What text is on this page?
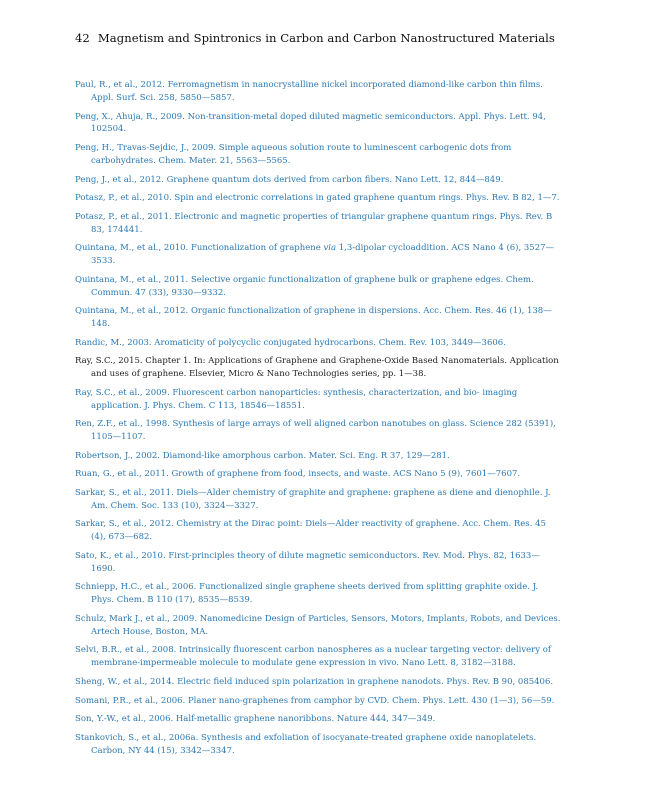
42 Magnetism and Spintronics in Carbon and Carbon Nanostructured Materials
Paul, R., et al., 2012. Ferromagnetism in nanocrystalline nickel incorporated diamond-like carbon thin films. Appl. Surf. Sci. 258, 5850—5857.
Peng, X., Ahuja, R., 2009. Non-transition-metal doped diluted magnetic semiconductors. Appl. Phys. Lett. 94, 102504.
Peng, H., Travas-Sejdic, J., 2009. Simple aqueous solution route to luminescent carbogenic dots from carbohydrates. Chem. Mater. 21, 5563—5565.
Peng, J., et al., 2012. Graphene quantum dots derived from carbon fibers. Nano Lett. 12, 844—849.
Potasz, P., et al., 2010. Spin and electronic correlations in gated graphene quantum rings. Phys. Rev. B 82, 1—7.
Potasz, P., et al., 2011. Electronic and magnetic properties of triangular graphene quantum rings. Phys. Rev. B 83, 174441.
Quintana, M., et al., 2010. Functionalization of graphene via 1,3-dipolar cycloaddition. ACS Nano 4 (6), 3527—3533.
Quintana, M., et al., 2011. Selective organic functionalization of graphene bulk or graphene edges. Chem. Commun. 47 (33), 9330—9332.
Quintana, M., et al., 2012. Organic functionalization of graphene in dispersions. Acc. Chem. Res. 46 (1), 138—148.
Randic, M., 2003. Aromaticity of polycyclic conjugated hydrocarbons. Chem. Rev. 103, 3449—3606.
Ray, S.C., 2015. Chapter 1. In: Applications of Graphene and Graphene-Oxide Based Nanomaterials. Application and uses of graphene. Elsevier, Micro & Nano Technologies series, pp. 1—38.
Ray, S.C., et al., 2009. Fluorescent carbon nanoparticles: synthesis, characterization, and bio- imaging application. J. Phys. Chem. C 113, 18546—18551.
Ren, Z.F., et al., 1998. Synthesis of large arrays of well aligned carbon nanotubes on glass. Science 282 (5391), 1105—1107.
Robertson, J., 2002. Diamond-like amorphous carbon. Mater. Sci. Eng. R 37, 129—281.
Ruan, G., et al., 2011. Growth of graphene from food, insects, and waste. ACS Nano 5 (9), 7601—7607.
Sarkar, S., et al., 2011. Diels—Alder chemistry of graphite and graphene: graphene as diene and dienophile. J. Am. Chem. Soc. 133 (10), 3324—3327.
Sarkar, S., et al., 2012. Chemistry at the Dirac point: Diels—Alder reactivity of graphene. Acc. Chem. Res. 45 (4), 673—682.
Sato, K., et al., 2010. First-principles theory of dilute magnetic semiconductors. Rev. Mod. Phys. 82, 1633—1690.
Schniepp, H.C., et al., 2006. Functionalized single graphene sheets derived from splitting graphite oxide. J. Phys. Chem. B 110 (17), 8535—8539.
Schulz, Mark J., et al., 2009. Nanomedicine Design of Particles, Sensors, Motors, Implants, Robots, and Devices. Artech House, Boston, MA.
Selvi, B.R., et al., 2008. Intrinsically fluorescent carbon nanospheres as a nuclear targeting vector: delivery of membrane-impermeable molecule to modulate gene expression in vivo. Nano Lett. 8, 3182—3188.
Sheng, W., et al., 2014. Electric field induced spin polarization in graphene nanodots. Phys. Rev. B 90, 085406.
Somani, P.R., et al., 2006. Planer nano-graphenes from camphor by CVD. Chem. Phys. Lett. 430 (1—3), 56—59.
Son, Y.-W., et al., 2006. Half-metallic graphene nanoribbons. Nature 444, 347—349.
Stankovich, S., et al., 2006a. Synthesis and exfoliation of isocyanate-treated graphene oxide nanoplatelets. Carbon, NY 44 (15), 3342—3347.
